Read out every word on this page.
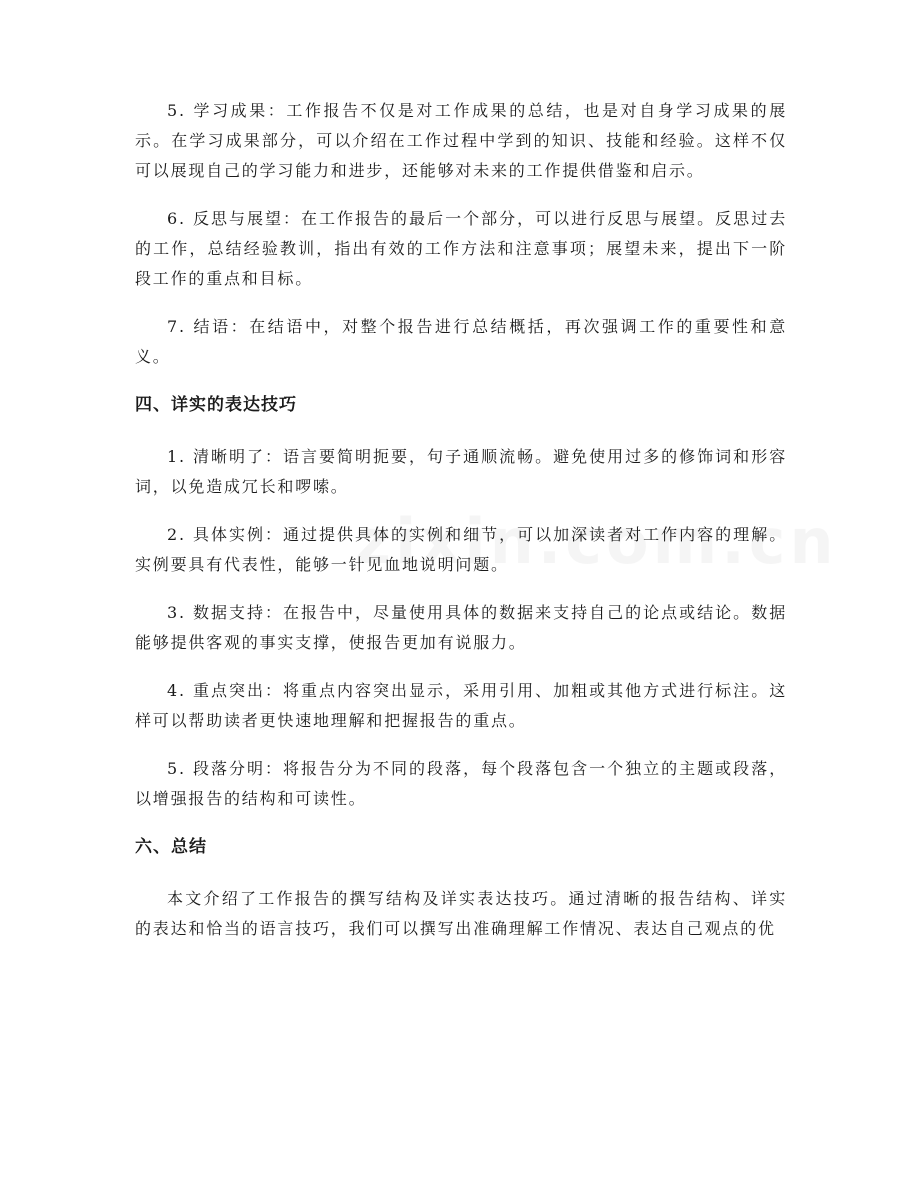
5. 学习成果：工作报告不仅是对工作成果的总结，也是对自身学习成果的展示。在学习成果部分，可以介绍在工作过程中学到的知识、技能和经验。这样不仅可以展现自己的学习能力和进步，还能够对未来的工作提供借鉴和启示。

6. 反思与展望：在工作报告的最后一个部分，可以进行反思与展望。反思过去的工作，总结经验教训，指出有效的工作方法和注意事项；展望未来，提出下一阶段工作的重点和目标。

7. 结语：在结语中，对整个报告进行总结概括，再次强调工作的重要性和意义。

四、详实的表达技巧

1. 清晰明了：语言要简明扼要，句子通顺流畅。避免使用过多的修饰词和形容词，以免造成冗长和啰嗦。

2. 具体实例：通过提供具体的实例和细节，可以加深读者对工作内容的理解。实例要具有代表性，能够一针见血地说明问题。

3. 数据支持：在报告中，尽量使用具体的数据来支持自己的论点或结论。数据能够提供客观的事实支撑，使报告更加有说服力。

4. 重点突出：将重点内容突出显示，采用引用、加粗或其他方式进行标注。这样可以帮助读者更快速地理解和把握报告的重点。

5. 段落分明：将报告分为不同的段落，每个段落包含一个独立的主题或段落，以增强报告的结构和可读性。

六、总结

本文介绍了工作报告的撰写结构及详实表达技巧。通过清晰的报告结构、详实的表达和恰当的语言技巧，我们可以撰写出准确理解工作情况、表达自己观点的优
